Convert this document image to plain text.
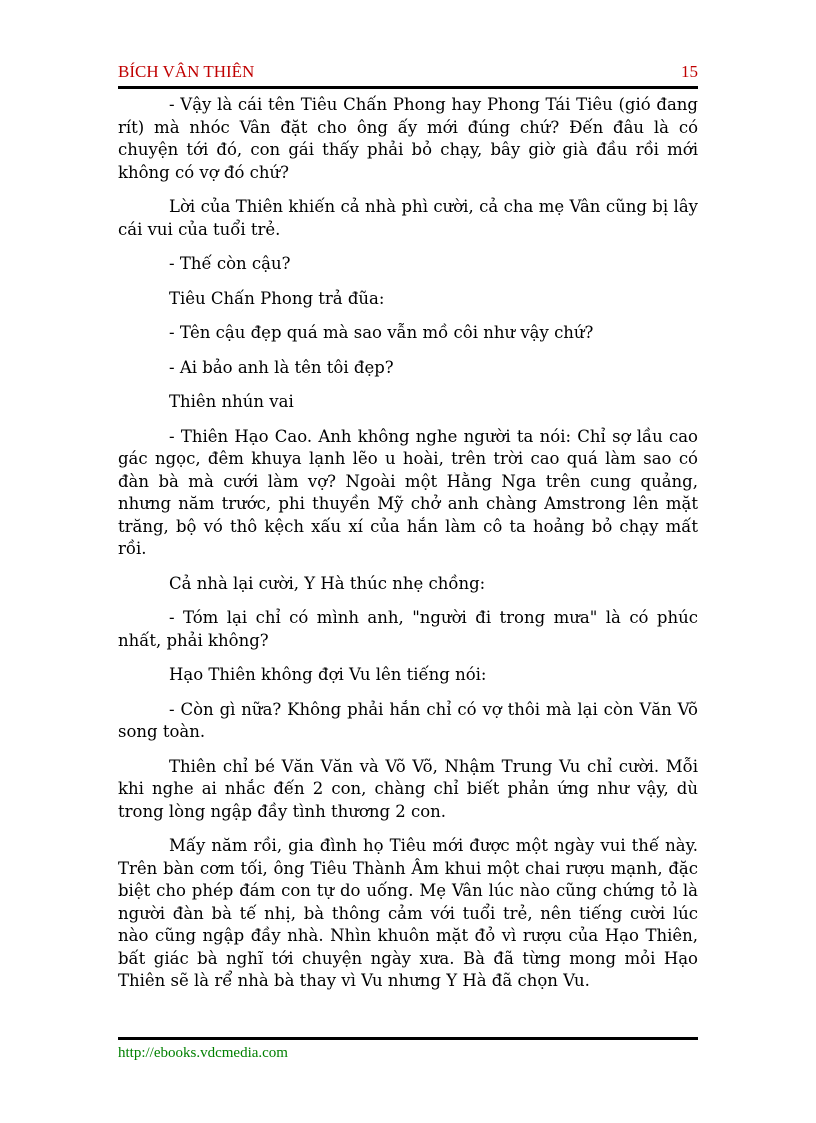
BÍCH VÂN THIÊN	15

- Vậy là cái tên Tiêu Chấn Phong hay Phong Tái Tiêu (gió đang rít) mà nhóc Vân đặt cho ông ấy mới đúng chứ? Đến đâu là có chuyện tới đó, con gái thấy phải bỏ chạy, bây giờ già đầu rồi mới không có vợ đó chứ?

Lời của Thiên khiến cả nhà phì cười, cả cha mẹ Vân cũng bị lây cái vui của tuổi trẻ.

- Thế còn cậu?

Tiêu Chấn Phong trả đũa:

- Tên cậu đẹp quá mà sao vẫn mồ côi như vậy chứ?

- Ai bảo anh là tên tôi đẹp?

Thiên nhún vai

- Thiên Hạo Cao. Anh không nghe người ta nói: Chỉ sợ lầu cao gác ngọc, đêm khuya lạnh lẽo u hoài, trên trời cao quá làm sao có đàn bà mà cưới làm vợ? Ngoài một Hằng Nga trên cung quảng, nhưng năm trước, phi thuyền Mỹ chở anh chàng Amstrong lên mặt trăng, bộ vó thô kệch xấu xí của hắn làm cô ta hoảng bỏ chạy mất rồi.

Cả nhà lại cười, Y Hà thúc nhẹ chồng:

- Tóm lại chỉ có mình anh, "người đi trong mưa" là có phúc nhất, phải không?

Hạo Thiên không đợi Vu lên tiếng nói:

- Còn gì nữa? Không phải hắn chỉ có vợ thôi mà lại còn Văn Võ song toàn.

Thiên chỉ bé Văn Văn và Võ Võ, Nhậm Trung Vu chỉ cười. Mỗi khi nghe ai nhắc đến 2 con, chàng chỉ biết phản ứng như vậy, dù trong lòng ngập đầy tình thương 2 con.

Mấy năm rồi, gia đình họ Tiêu mới được một ngày vui thế này. Trên bàn cơm tối, ông Tiêu Thành Âm khui một chai rượu mạnh, đặc biệt cho phép đám con tự do uống. Mẹ Vân lúc nào cũng chứng tỏ là người đàn bà tế nhị, bà thông cảm với tuổi trẻ, nên tiếng cười lúc nào cũng ngập đầy nhà. Nhìn khuôn mặt đỏ vì rượu của Hạo Thiên, bất giác bà nghĩ tới chuyện ngày xưa. Bà đã từng mong mỏi Hạo Thiên sẽ là rể nhà bà thay vì Vu nhưng Y Hà đã chọn Vu.

http://ebooks.vdcmedia.com
